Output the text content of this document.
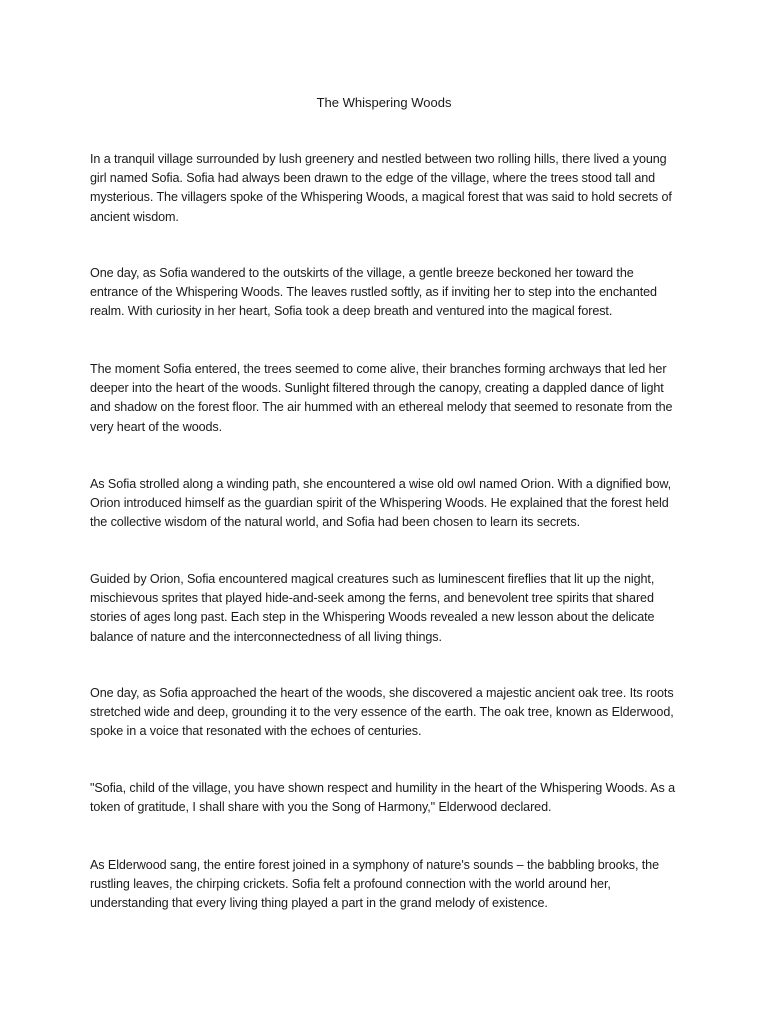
The Whispering Woods

In a tranquil village surrounded by lush greenery and nestled between two rolling hills, there lived a young girl named Sofia. Sofia had always been drawn to the edge of the village, where the trees stood tall and mysterious. The villagers spoke of the Whispering Woods, a magical forest that was said to hold secrets of ancient wisdom.

One day, as Sofia wandered to the outskirts of the village, a gentle breeze beckoned her toward the entrance of the Whispering Woods. The leaves rustled softly, as if inviting her to step into the enchanted realm. With curiosity in her heart, Sofia took a deep breath and ventured into the magical forest.

The moment Sofia entered, the trees seemed to come alive, their branches forming archways that led her deeper into the heart of the woods. Sunlight filtered through the canopy, creating a dappled dance of light and shadow on the forest floor. The air hummed with an ethereal melody that seemed to resonate from the very heart of the woods.

As Sofia strolled along a winding path, she encountered a wise old owl named Orion. With a dignified bow, Orion introduced himself as the guardian spirit of the Whispering Woods. He explained that the forest held the collective wisdom of the natural world, and Sofia had been chosen to learn its secrets.

Guided by Orion, Sofia encountered magical creatures such as luminescent fireflies that lit up the night, mischievous sprites that played hide-and-seek among the ferns, and benevolent tree spirits that shared stories of ages long past. Each step in the Whispering Woods revealed a new lesson about the delicate balance of nature and the interconnectedness of all living things.

One day, as Sofia approached the heart of the woods, she discovered a majestic ancient oak tree. Its roots stretched wide and deep, grounding it to the very essence of the earth. The oak tree, known as Elderwood, spoke in a voice that resonated with the echoes of centuries.

"Sofia, child of the village, you have shown respect and humility in the heart of the Whispering Woods. As a token of gratitude, I shall share with you the Song of Harmony," Elderwood declared.

As Elderwood sang, the entire forest joined in a symphony of nature's sounds – the babbling brooks, the rustling leaves, the chirping crickets. Sofia felt a profound connection with the world around her, understanding that every living thing played a part in the grand melody of existence.
